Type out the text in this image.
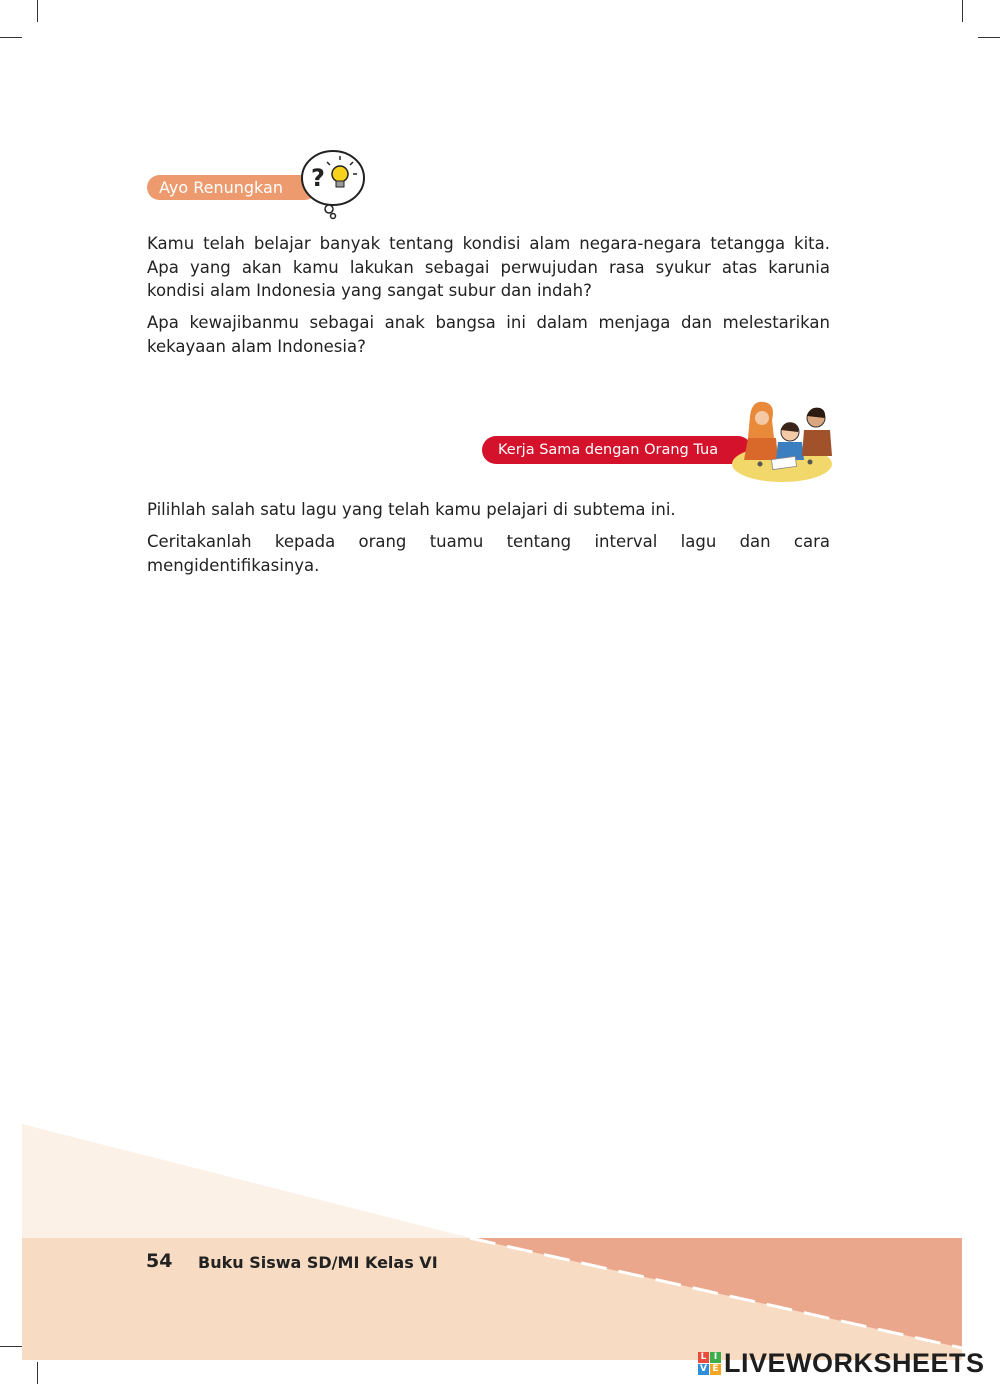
Ayo Renungkan	?

Kamu telah belajar banyak tentang kondisi alam negara-negara tetangga kita. Apa yang akan kamu lakukan sebagai perwujudan rasa syukur atas karunia kondisi alam Indonesia yang sangat subur dan indah?

Apa kewajibanmu sebagai anak bangsa ini dalam menjaga dan melestarikan kekayaan alam Indonesia?

Kerja Sama dengan Orang Tua

Pilihlah salah satu lagu yang telah kamu pelajari di subtema ini.

Ceritakanlah kepada orang tuamu tentang interval lagu dan cara mengidentifikasinya.

54 Buku Siswa SD/MI Kelas VI
L I
V E LIVEWORKSHEETS
